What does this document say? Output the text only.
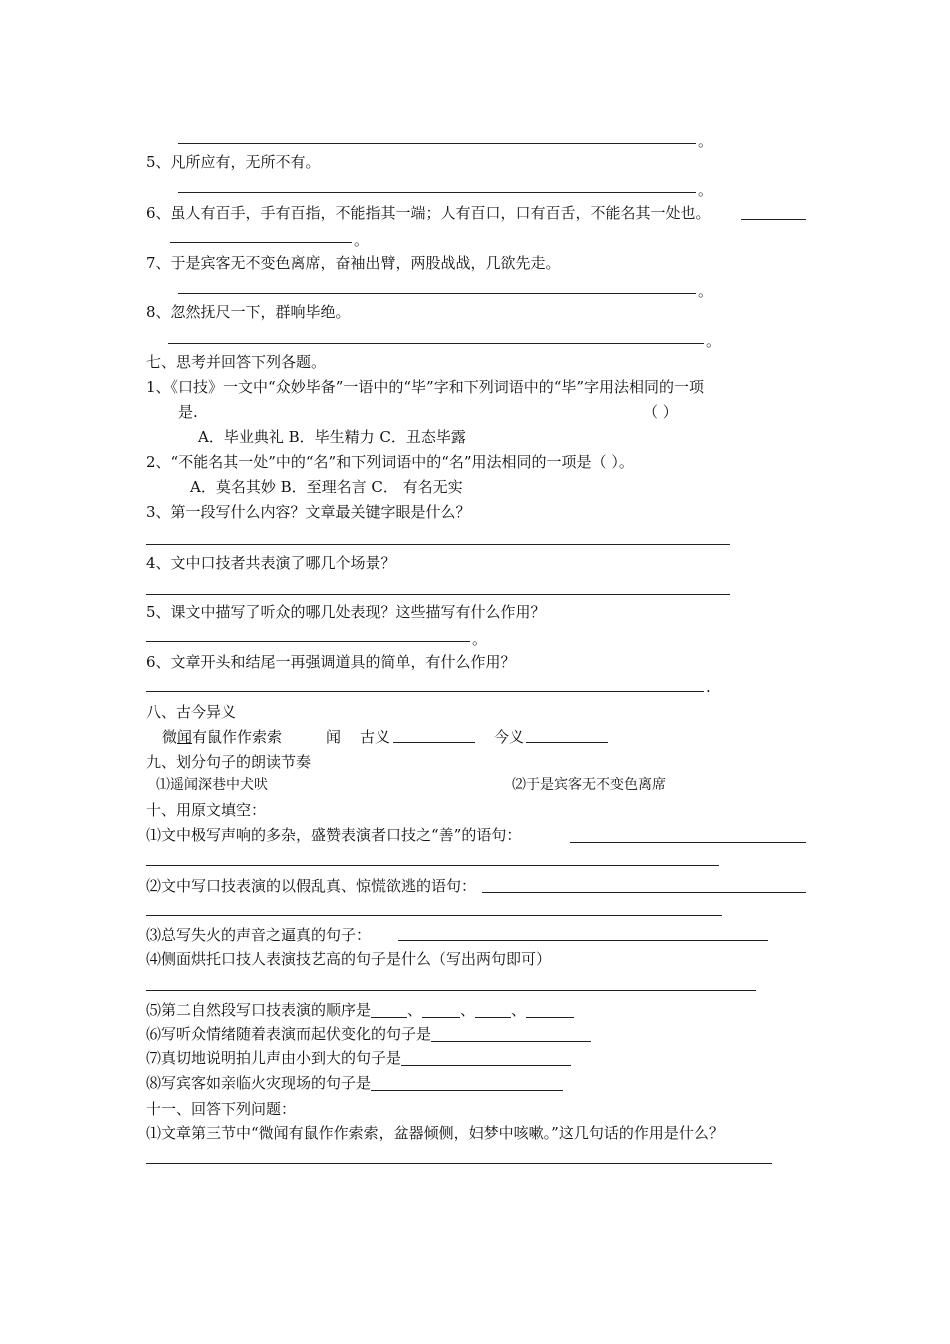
。
5、凡所应有，无所不有。
。
6、虽人有百手，手有百指，不能指其一端；人有百口，口有百舌，不能名其一处也。
。
7、于是宾客无不变色离席，奋袖出臂，两股战战，几欲先走。
。
8、忽然抚尺一下，群响毕绝。
。
七、思考并回答下列各题。
1、《口技》一文中“众妙毕备”一语中的“毕”字和下列词语中的“毕”字用法相同的一项
是.	（ ）
A．毕业典礼 B．毕生精力 C．丑态毕露
2、“不能名其一处”中的“名”和下列词语中的“名”用法相同的一项是（ ）。
A．莫名其妙 B．至理名言 C． 有名无实
3、第一段写什么内容？文章最关键字眼是什么？
4、文中口技者共表演了哪几个场景？
5、课文中描写了听众的哪几处表现？这些描写有什么作用？
。
6、文章开头和结尾一再强调道具的简单，有什么作用？
.
八、古今异义
微闻有鼠作作索索	闻 古义	今义
九、划分句子的朗读节奏
⑴遥闻深巷中犬吠	⑵于是宾客无不变色离席
十、用原文填空：
⑴文中极写声响的多杂，盛赞表演者口技之“善”的语句：
⑵文中写口技表演的以假乱真、惊慌欲逃的语句：
⑶总写失火的声音之逼真的句子：
⑷侧面烘托口技人表演技艺高的句子是什么（写出两句即可）
⑸第二自然段写口技表演的顺序是 、	、 、
⑹写听众情绪随着表演而起伏变化的句子是
⑺真切地说明拍儿声由小到大的句子是
⑻写宾客如亲临火灾现场的句子是
十一、回答下列问题：
⑴文章第三节中“微闻有鼠作作索索，盆器倾侧，妇梦中咳嗽。”这几句话的作用是什么？
